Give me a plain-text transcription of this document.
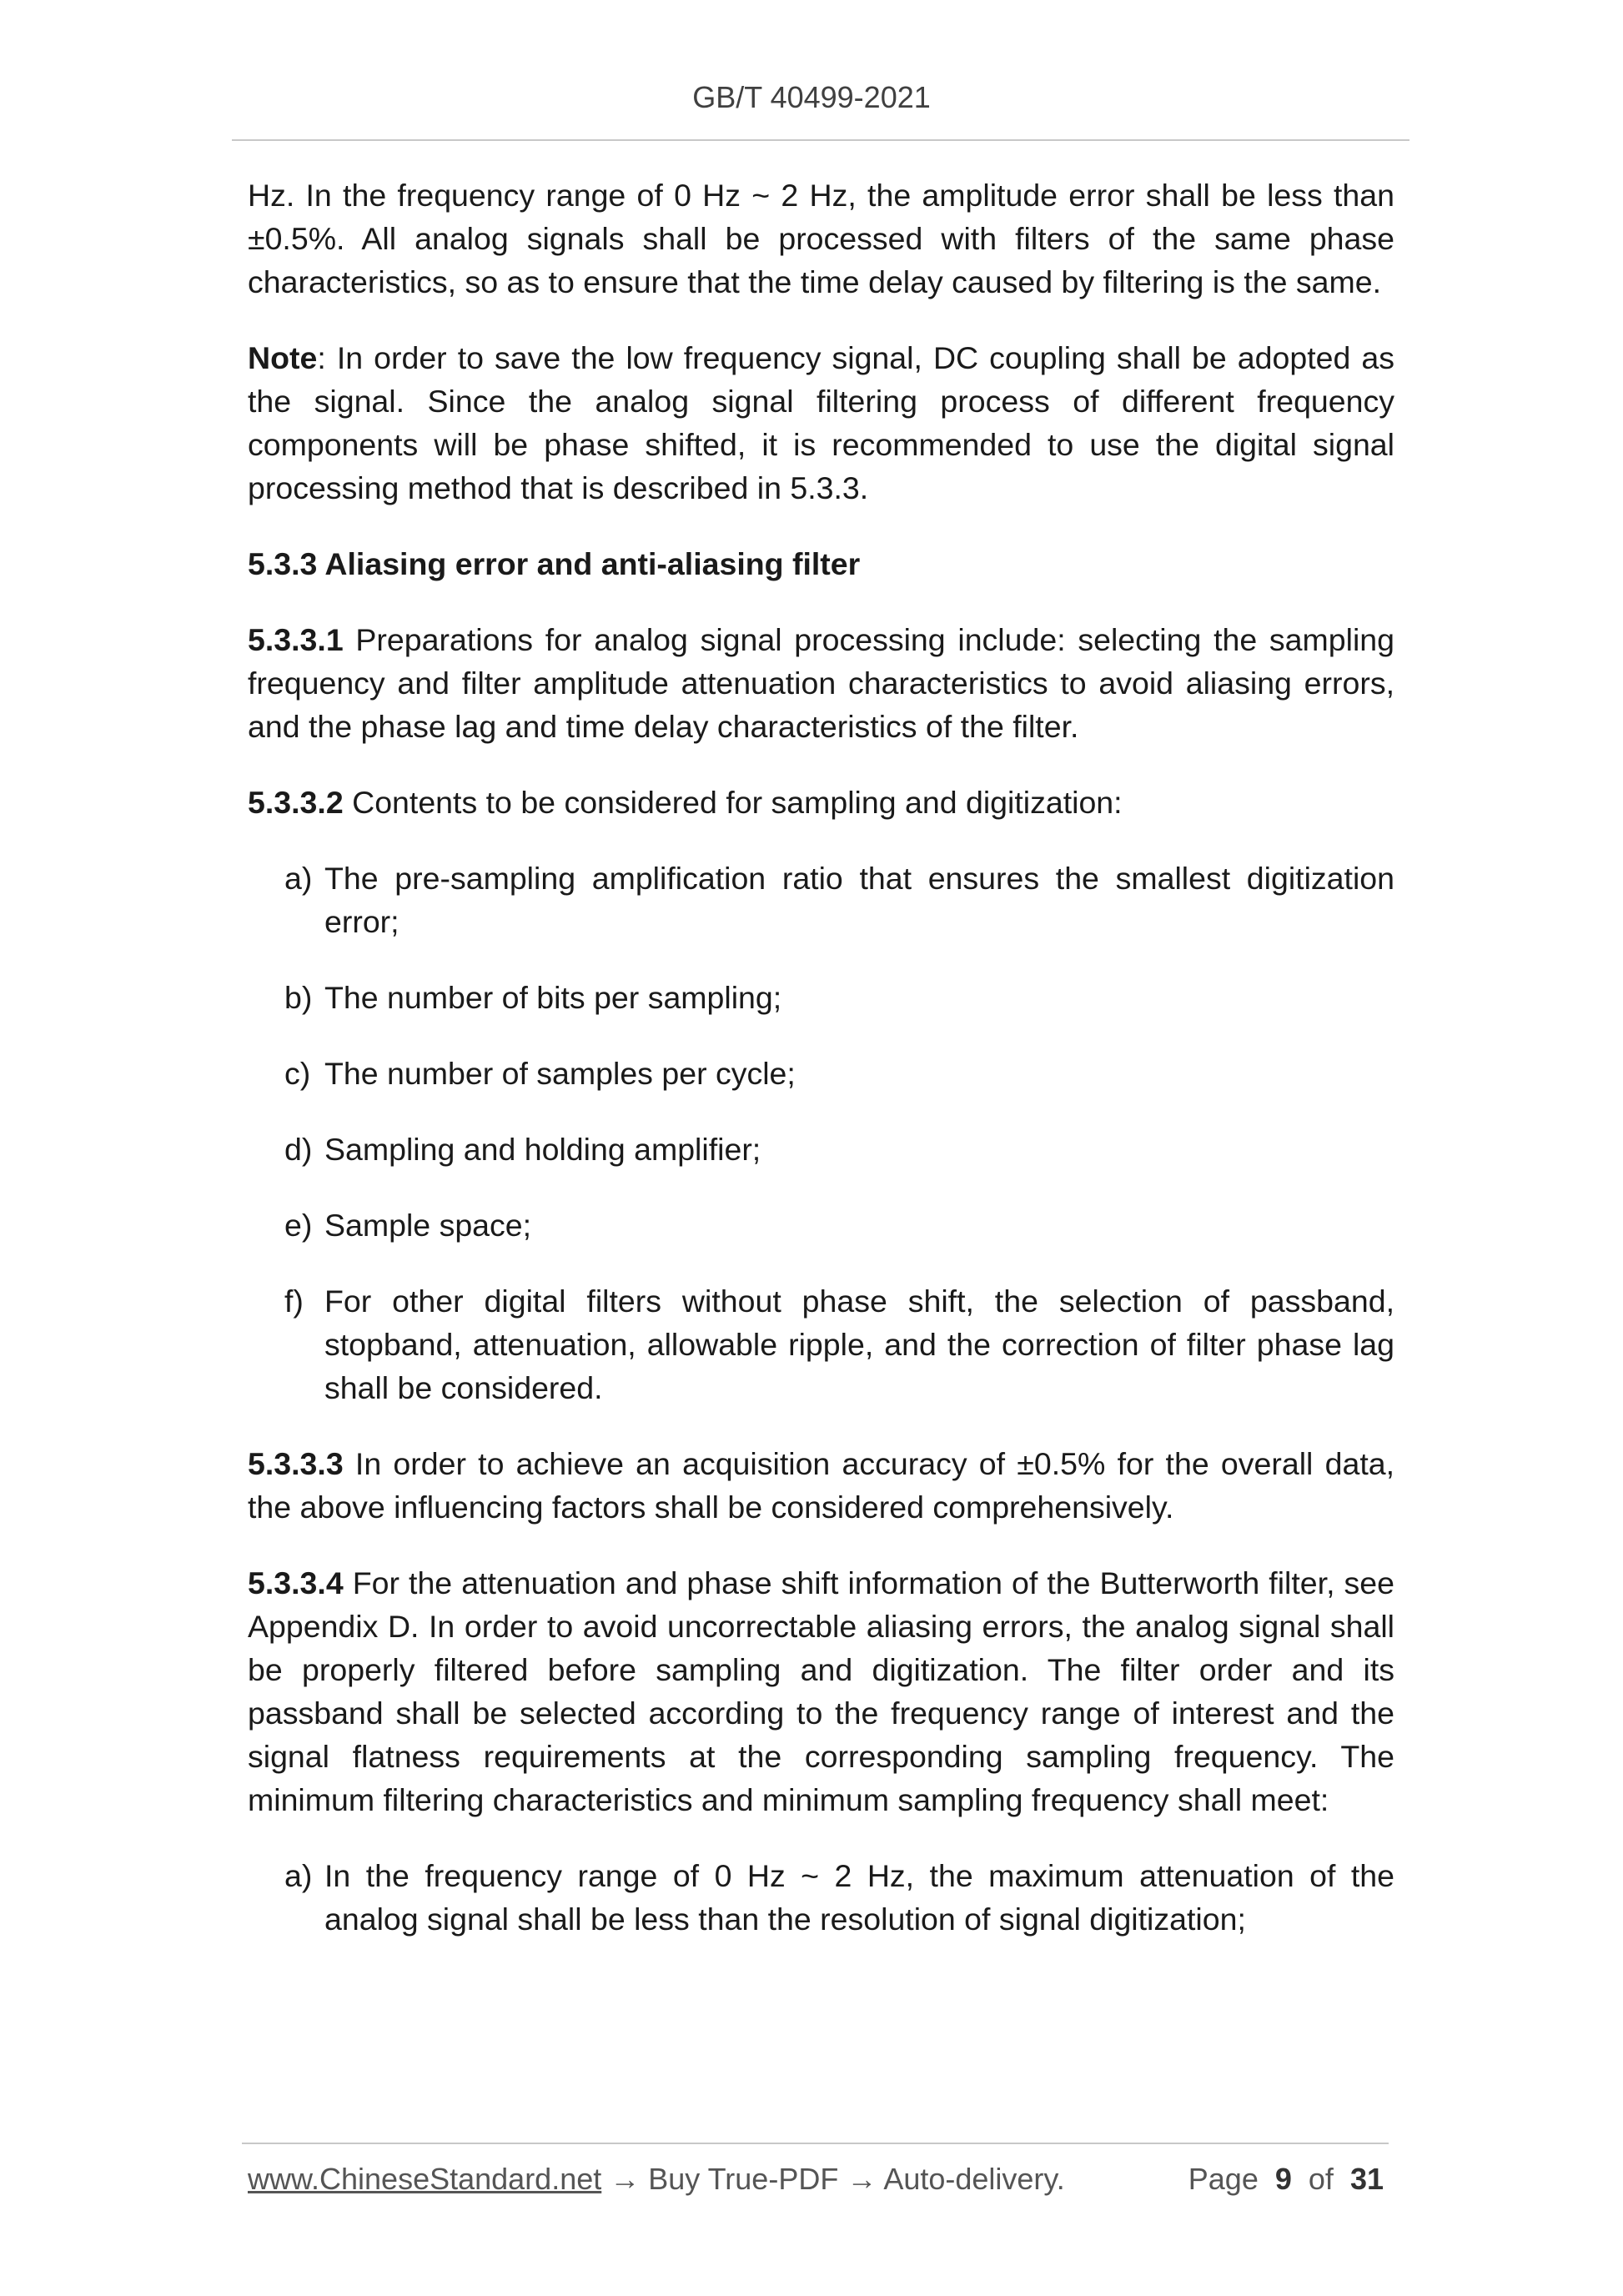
GB/T 40499-2021

Hz. In the frequency range of 0 Hz ~ 2 Hz, the amplitude error shall be less than ±0.5%. All analog signals shall be processed with filters of the same phase characteristics, so as to ensure that the time delay caused by filtering is the same.

Note: In order to save the low frequency signal, DC coupling shall be adopted as the signal. Since the analog signal filtering process of different frequency components will be phase shifted, it is recommended to use the digital signal processing method that is described in 5.3.3.
5.3.3 Aliasing error and anti-aliasing filter

5.3.3.1 Preparations for analog signal processing include: selecting the sampling frequency and filter amplitude attenuation characteristics to avoid aliasing errors, and the phase lag and time delay characteristics of the filter.

5.3.3.2 Contents to be considered for sampling and digitization:

a) The pre-sampling amplification ratio that ensures the smallest digitization error;
b) The number of bits per sampling;
c) The number of samples per cycle;
d) Sampling and holding amplifier;
e) Sample space;
f) For other digital filters without phase shift, the selection of passband, stopband, attenuation, allowable ripple, and the correction of filter phase lag shall be considered.

5.3.3.3 In order to achieve an acquisition accuracy of ±0.5% for the overall data, the above influencing factors shall be considered comprehensively.

5.3.3.4 For the attenuation and phase shift information of the Butterworth filter, see Appendix D. In order to avoid uncorrectable aliasing errors, the analog signal shall be properly filtered before sampling and digitization. The filter order and its passband shall be selected according to the frequency range of interest and the signal flatness requirements at the corresponding sampling frequency. The minimum filtering characteristics and minimum sampling frequency shall meet:

a) In the frequency range of 0 Hz ~ 2 Hz, the maximum attenuation of the analog signal shall be less than the resolution of signal digitization;
www.ChineseStandard.net → Buy True-PDF → Auto-delivery.	Page 9 of 31
